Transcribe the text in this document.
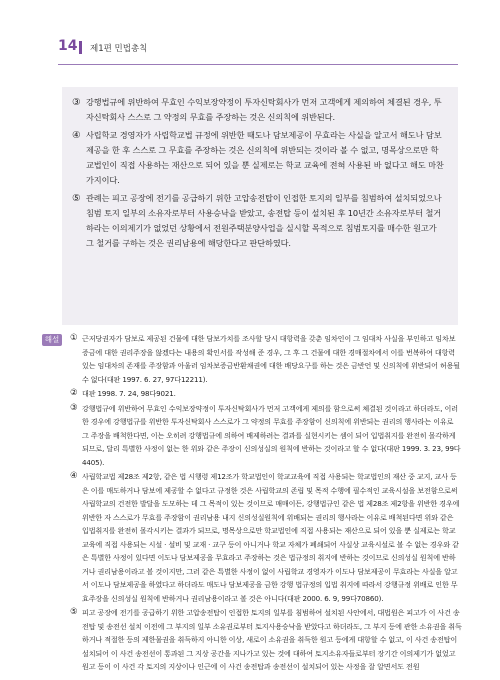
14 제1편 민법총칙
③ 강행법규에 위반하여 무효인 수익보장약정이 투자신탁회사가 먼저 고객에게 제의하여 체결된 경우, 투자신탁회사 스스로 그 약정의 무효를 주장하는 것은 신의칙에 위반된다.
④ 사립학교 경영자가 사립학교법 규정에 위반한 때도나 담보제공이 무효라는 사실을 알고서 해도나 담보제공을 한 후 스스로 그 무효를 주장하는 것은 신의칙에 위반되는 것이라 볼 수 없고, 명목상으로만 학교법인이 직접 사용하는 재산으로 되어 있을 뿐 실제로는 학교 교육에 전혀 사용된 바 없다고 해도 마찬가지이다.
⑤ 관례는 피고 공장에 전기를 공급하기 위한 고압송전탑이 인접한 토지의 일부를 침범하여 설치되었으나 침범 토지 일부의 소유자로부터 사용승낙을 받았고, 송전탑 등이 설치된 후 10년간 소유자로부터 철거하라는 이의제기가 없었던 상황에서 전원주택분양사업을 실시할 목적으로 침범토지를 매수한 원고가 그 철거를 구하는 것은 권리남용에 해당한다고 판단하였다.
해설	① 근저당권자가 담보로 제공된 건물에 대한 담보가치를 조사할 당시 대항력을 갖춘 임차인이 그 임대차 사실을 부인하고 임차보증금에 대한 권리주장을 않겠다는 내용의 확인서를 작성해 준 경우, 그 후 그 건물에 대한 경매절차에서 이를 번복하여 대항력 있는 임대차의 존재를 주장함과 아울러 임차보증금반환채권에 대한 배당요구를 하는 것은 금반언 및 신의칙에 위반되어 허용될 수 없다(대판 1997. 6. 27, 97다12211).
② 대판 1998. 7. 24, 98다9021.
③ 강행법규에 위반하여 무효인 수익보장약정이 투자신탁회사가 먼저 고객에게 제의를 함으로써 체결된 것이라고 하더라도, 이러한 경우에 강행법규를 위반한 투자신탁회사 스스로가 그 약정의 무효를 주장함이 신의칙에 위반되는 권리의 행사라는 이유로 그 주장을 배척한다면, 이는 오히려 강행법규에 의하여 배제하려는 결과를 실현시키는 셈이 되어 입법취지를 완전히 몰각하게 되므로, 달리 특별한 사정이 없는 한 위와 같은 주장이 신의성실의 원칙에 반하는 것이라고 할 수 없다(대판 1999. 3. 23, 99다4405).
④ 사립학교법 제28조 제2항, 같은 법 시행령 제12조가 학교법인이 학교교육에 직접 사용되는 학교법인의 재산 중 교지, 교사 등은 이를 매도하거나 담보에 제공할 수 없다고 규정한 것은 사립학교의 존립 및 목적 수행에 필수적인 교육시설을 보전함으로써 사립학교의 건전한 발달을 도모하는 데 그 목적이 있는 것이므로 매매이든, 강행법규인 같은 법 제28조 제2항을 위반한 경우에 위반한 자 스스로가 무효를 주장함이 권리남용 내지 신의성실원칙에 위배되는 권리의 행사라는 이유로 배척된다면 위와 같은 입법취지를 완전히 몰각시키는 결과가 되므로, 명목상으로만 학교법인에 직접 사용되는 재산으로 되어 있을 뿐 실제로는 학교교육에 직접 사용되는 시설 · 설비 및 교재 · 교구 등이 아니거나 학교 자체가 폐쇄되어 사실상 교육시설로 볼 수 없는 경우와 같은 특별한 사정이 있다면 이도나 담보제공을 무효라고 주장하는 것은 법규정의 취지에 반하는 것이므로 신의성실 원칙에 반하거나 권리남용이라고 볼 것이지만, 그러 같은 특별한 사정이 없이 사립학교 경영자가 이도나 담보제공이 무효라는 사실을 알고서 이도나 담보제공을 하였다고 하더라도 매도나 담보제공을 금한 강행 법규정의 입법 취지에 따라서 강행규정 위배로 인한 무효주장을 신의성실 원칙에 반하거나 권리남용이라고 볼 것은 아니다(대판 2000. 6. 9, 99다70860).
⑤ 피고 공장에 전기를 공급하기 위한 고압송전탑이 인접한 토지의 일부를 침범하여 설치된 사안에서, 대법원은 피고가 이 사건 송전탑 및 송전선 설치 이전에 그 부지의 일부 소유권로부터 토지사용승낙을 받았다고 하더라도, 그 부지 등에 관한 소유권을 취득하거나 적절한 등의 제한물권을 취득하지 아니한 이상, 새로이 소유권을 취득한 원고 등에게 대항할 수 없고, 이 사건 송전탑이 설치되어 이 사건 송전선이 통과된 그 지상 공간을 지나가고 있는 것에 대하여 토지소유자들로부터 장기간 이의제기가 없었고 원고 등이 이 사건 각 토지의 지상이나 인근에 이 사건 송전탑과 송전선이 설치되어 있는 사정을 잘 알면서도 전원
